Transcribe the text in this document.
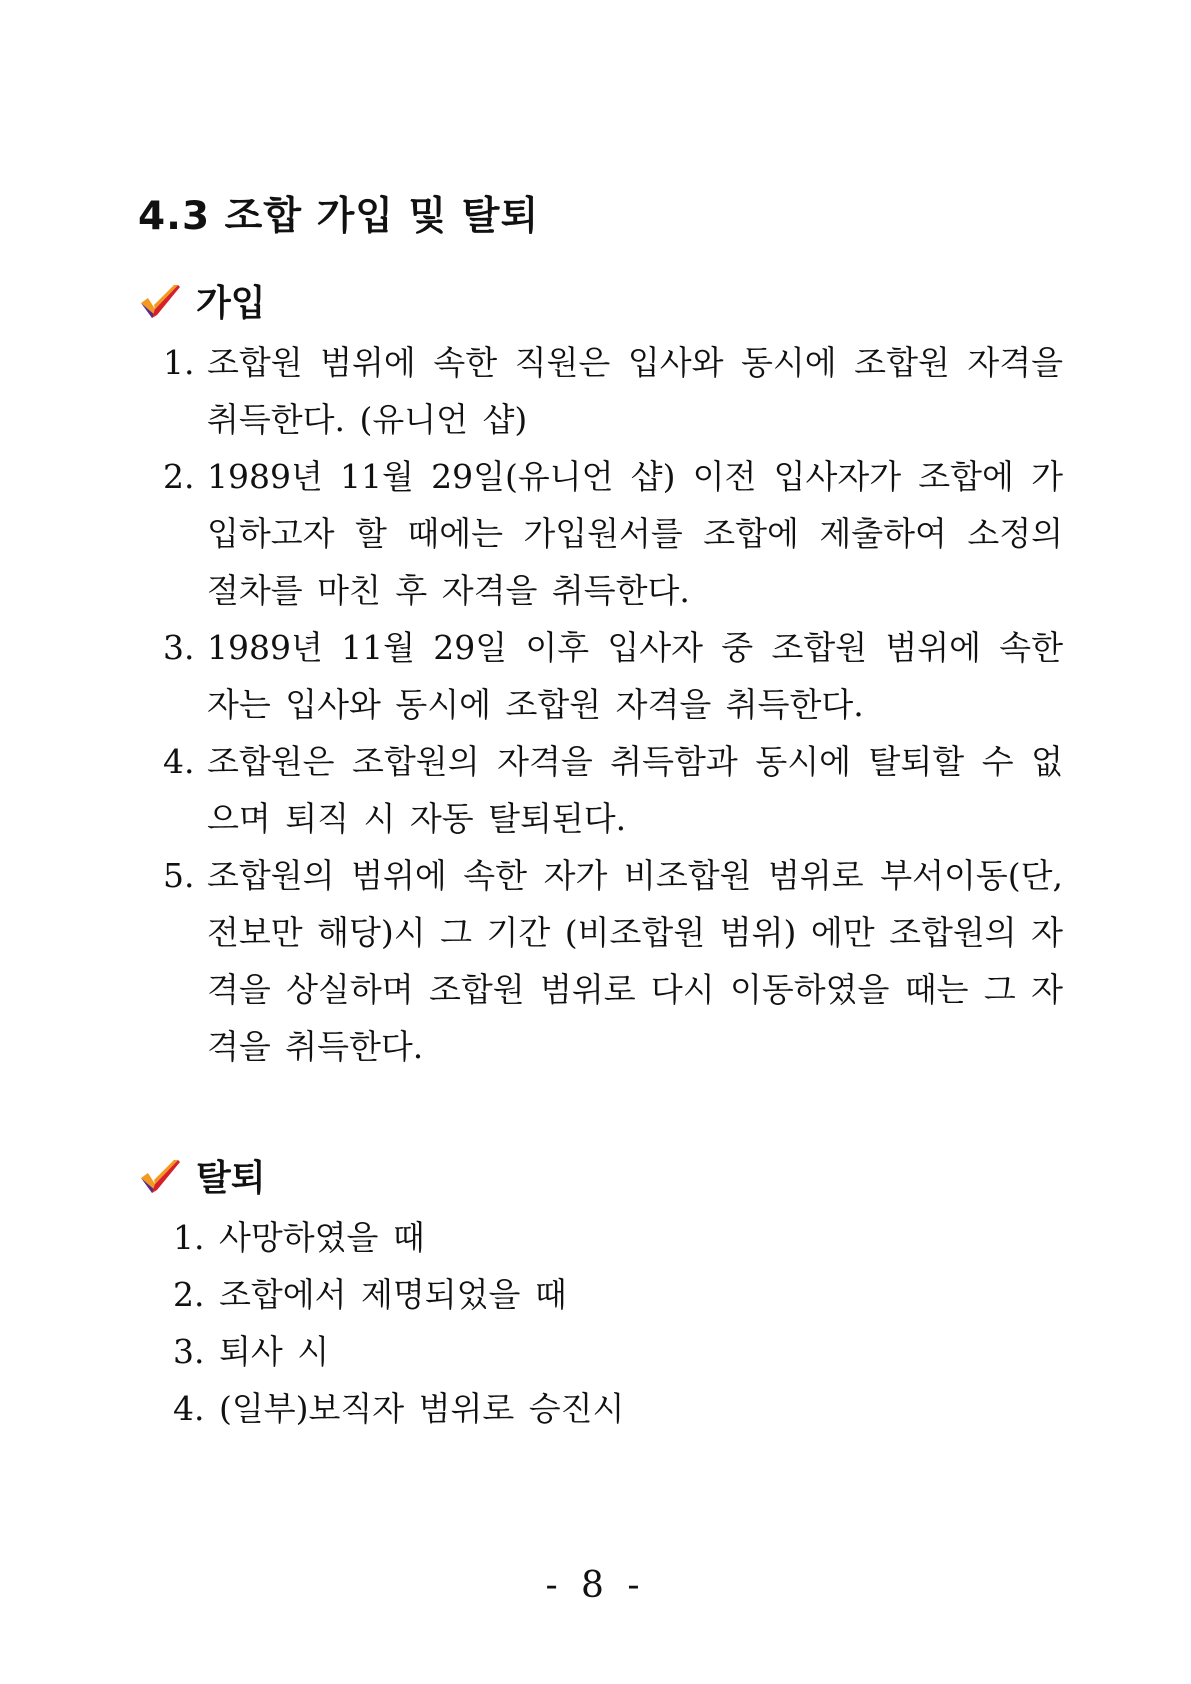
4.3 조합 가입 및 탈퇴
가입
1. 조합원 범위에 속한 직원은 입사와 동시에 조합원 자격을 취득한다. (유니언 샵)
2. 1989년 11월 29일(유니언 샵) 이전 입사자가 조합에 가입하고자 할 때에는 가입원서를 조합에 제출하여 소정의 절차를 마친 후 자격을 취득한다.
3. 1989년 11월 29일 이후 입사자 중 조합원 범위에 속한 자는 입사와 동시에 조합원 자격을 취득한다.
4. 조합원은 조합원의 자격을 취득함과 동시에 탈퇴할 수 없으며 퇴직 시 자동 탈퇴된다.
5. 조합원의 범위에 속한 자가 비조합원 범위로 부서이동(단, 전보만 해당)시 그 기간 (비조합원 범위) 에만 조합원의 자격을 상실하며 조합원 범위로 다시 이동하였을 때는 그 자격을 취득한다.
탈퇴
1. 사망하였을 때
2. 조합에서 제명되었을 때
3. 퇴사 시
4. (일부)보직자 범위로 승진시
- 8 -
